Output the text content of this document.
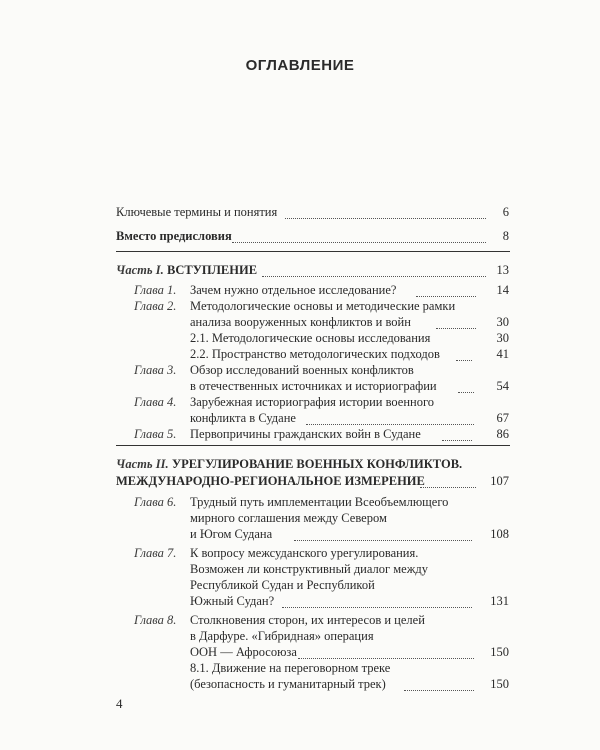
ОГЛАВЛЕНИЕ
Ключевые термины и понятия	6
Вместо предисловия	8
Часть I. ВСТУПЛЕНИЕ	13
Глава 1. Зачем нужно отдельное исследование?	14
Глава 2. Методологические основы и методические рамки
анализа вооруженных конфликтов и войн	30
2.1. Методологические основы исследования	30
2.2. Пространство методологических подходов	41
Глава 3. Обзор исследований военных конфликтов
в отечественных источниках и историографии	54
Глава 4. Зарубежная историография истории военного
конфликта в Судане	67
Глава 5. Первопричины гражданских войн в Судане	86
Часть II. УРЕГУЛИРОВАНИЕ ВОЕННЫХ КОНФЛИКТОВ.
МЕЖДУНАРОДНО-РЕГИОНАЛЬНОЕ ИЗМЕРЕНИЕ	107
Глава 6. Трудный путь имплементации Всеобъемлющего
мирного соглашения между Севером
и Югом Судана	108
Глава 7. К вопросу межсуданского урегулирования.
Возможен ли конструктивный диалог между
Республикой Судан и Республикой
Южный Судан?	131
Глава 8. Столкновения сторон, их интересов и целей
в Дарфуре. «Гибридная» операция
ООН — Афросоюза	150
8.1. Движение на переговорном треке
(безопасность и гуманитарный трек)	150
4
